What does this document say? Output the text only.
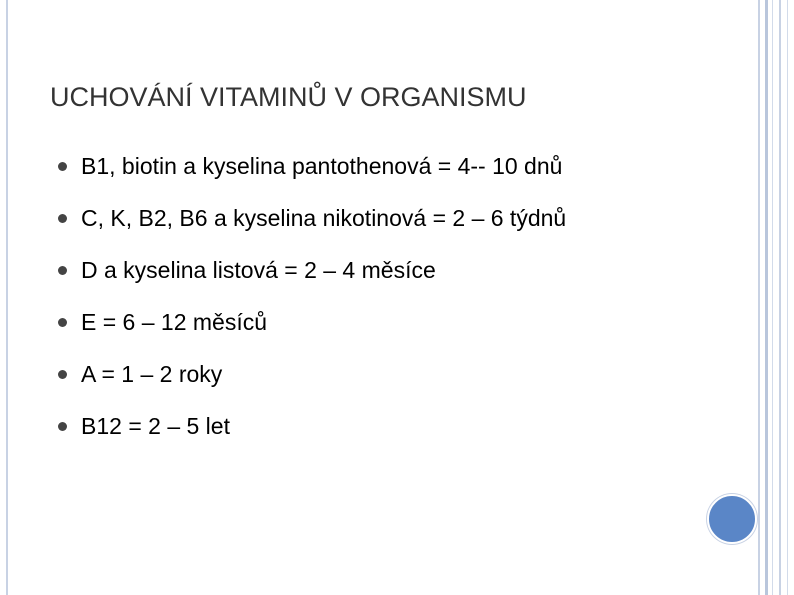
UCHOVÁNÍ VITAMINŮ V ORGANISMU
B1, biotin a kyselina pantothenová = 4-- 10 dnů
C, K, B2, B6 a kyselina nikotinová = 2 – 6 týdnů
D a kyselina listová = 2 – 4 měsíce
E = 6 – 12 měsíců
A = 1 – 2 roky
B12 = 2 – 5 let
